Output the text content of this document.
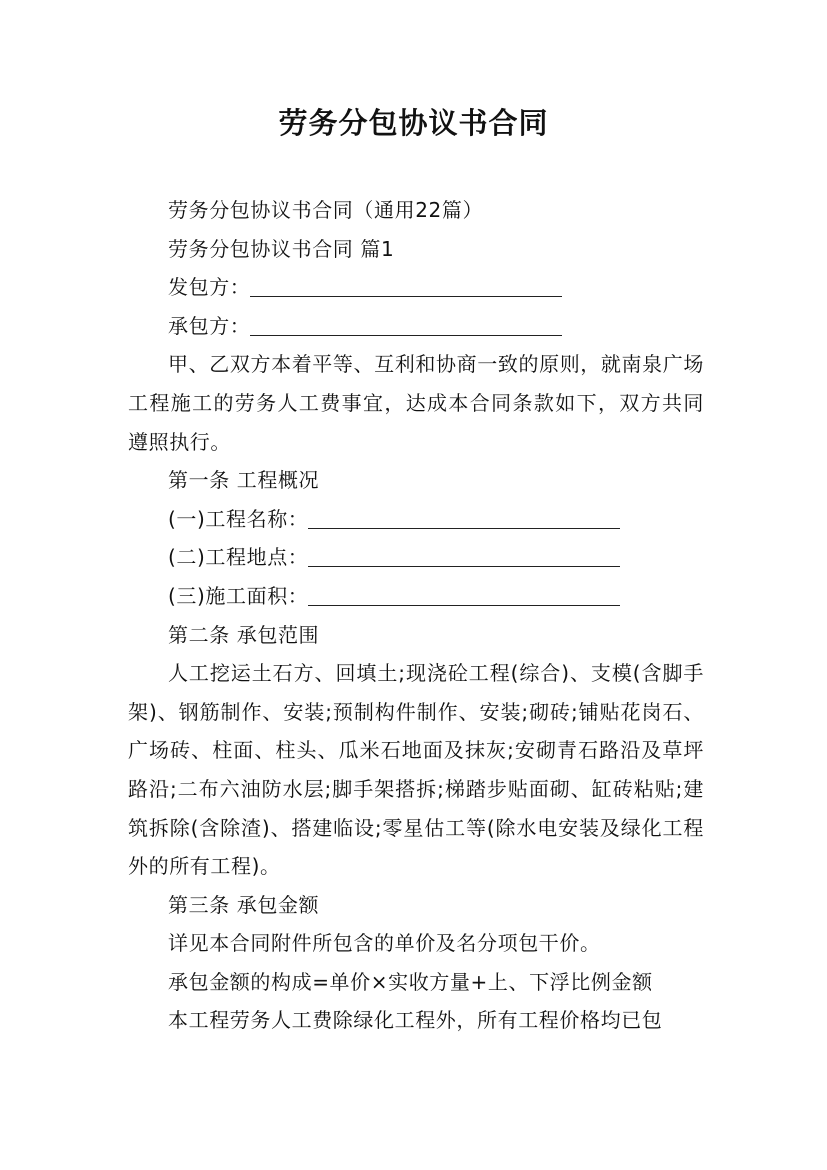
劳务分包协议书合同

劳务分包协议书合同（通用22篇）

劳务分包协议书合同 篇1

发包方：

承包方：

甲、乙双方本着平等、互利和协商一致的原则，就南泉广场工程施工的劳务人工费事宜，达成本合同条款如下，双方共同遵照执行。

第一条 工程概况

(一)工程名称：

(二)工程地点：

(三)施工面积：

第二条 承包范围

人工挖运土石方、回填土;现浇砼工程(综合)、支模(含脚手架)、钢筋制作、安装;预制构件制作、安装;砌砖;铺贴花岗石、广场砖、柱面、柱头、瓜米石地面及抹灰;安砌青石路沿及草坪路沿;二布六油防水层;脚手架搭拆;梯踏步贴面砌、缸砖粘贴;建筑拆除(含除渣)、搭建临设;零星估工等(除水电安装及绿化工程外的所有工程)。

第三条 承包金额

详见本合同附件所包含的单价及名分项包干价。

承包金额的构成=单价×实收方量+上、下浮比例金额

本工程劳务人工费除绿化工程外，所有工程价格均已包
